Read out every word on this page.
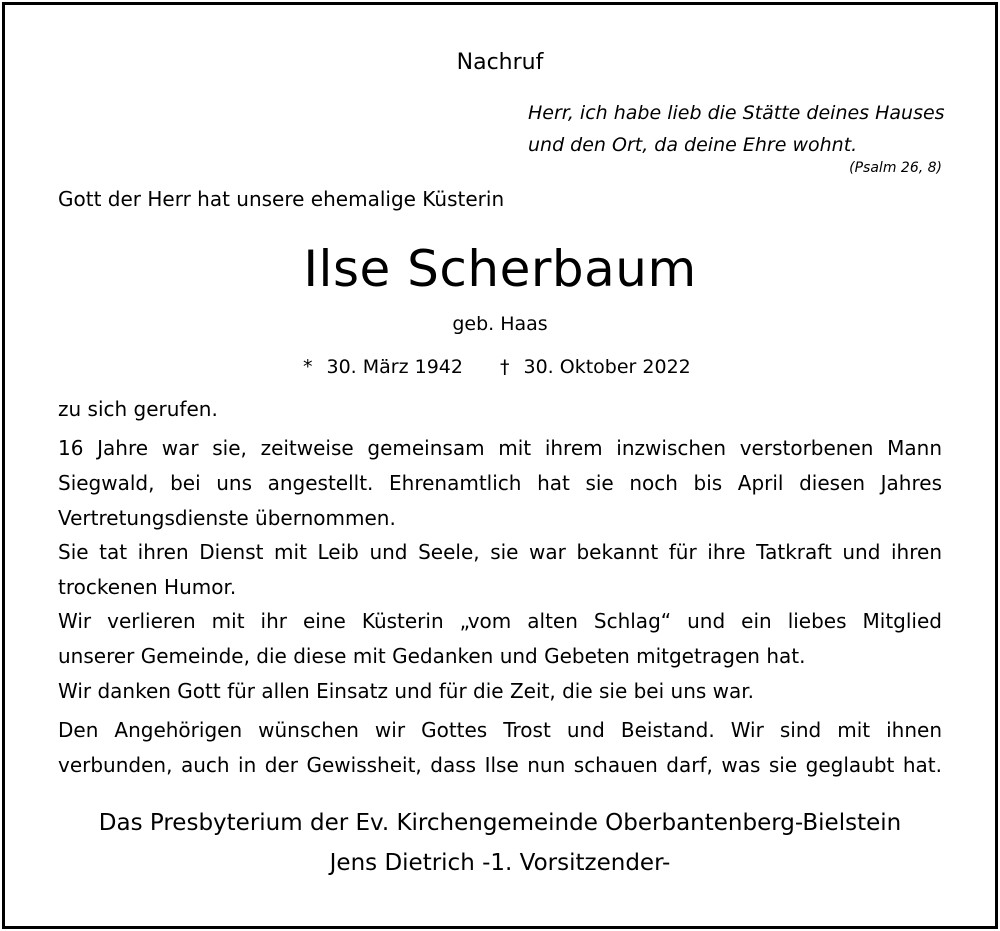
Nachruf
Herr, ich habe lieb die Stätte deines Hauses
und den Ort, da deine Ehre wohnt.
(Psalm 26, 8)
Gott der Herr hat unsere ehemalige Küsterin
Ilse Scherbaum
geb. Haas
* 30. März 1942 † 30. Oktober 2022
zu sich gerufen.
16 Jahre war sie, zeitweise gemeinsam mit ihrem inzwischen verstorbenen Mann
Siegwald, bei uns angestellt. Ehrenamtlich hat sie noch bis April diesen Jahres
Vertretungsdienste übernommen.
Sie tat ihren Dienst mit Leib und Seele, sie war bekannt für ihre Tatkraft und ihren
trockenen Humor.
Wir verlieren mit ihr eine Küsterin „vom alten Schlag“ und ein liebes Mitglied
unserer Gemeinde, die diese mit Gedanken und Gebeten mitgetragen hat.
Wir danken Gott für allen Einsatz und für die Zeit, die sie bei uns war.
Den Angehörigen wünschen wir Gottes Trost und Beistand. Wir sind mit ihnen
verbunden, auch in der Gewissheit, dass Ilse nun schauen darf, was sie geglaubt hat.
Das Presbyterium der Ev. Kirchengemeinde Oberbantenberg-Bielstein
Jens Dietrich -1. Vorsitzender-
